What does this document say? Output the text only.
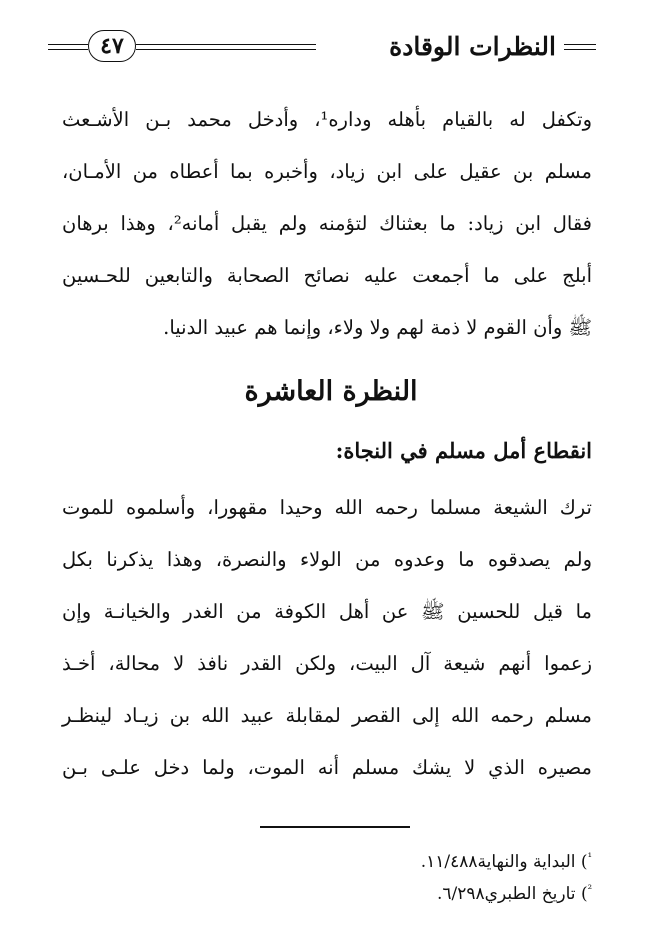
النظرات الوقادة
٤٧
وتكفل له بالقيام بأهله وداره¹، وأدخل محمد بـن الأشـعث
مسلم بن عقيل على ابن زياد، وأخبره بما أعطاه من الأمـان،
فقال ابن زياد: ما بعثناك لتؤمنه ولم يقبل أمانه²، وهذا برهان
أبلج على ما أجمعت عليه نصائح الصحابة والتابعين للحـسين
ﷺ وأن القوم لا ذمة لهم ولا ولاء، وإنما هم عبيد الدنيا.
النظرة العاشرة
انقطاع أمل مسلم في النجاة:
ترك الشيعة مسلما رحمه الله وحيدا مقهورا، وأسلموه للموت
ولم يصدقوه ما وعدوه من الولاء والنصرة، وهذا يذكرنا بكل
ما قيل للحسين ﷺ عن أهل الكوفة من الغدر والخيانـة وإن
زعموا أنهم شيعة آل البيت، ولكن القدر نافذ لا محالة، أخـذ
مسلم رحمه الله إلى القصر لمقابلة عبيد الله بن زيـاد لينظـر
مصيره الذي لا يشك مسلم أنه الموت، ولما دخل علـى بـن
$^{^1}$) البداية والنهاية١١/٤٨٨.
$^{^2}$) تاريخ الطبري٦/٢٩٨.
